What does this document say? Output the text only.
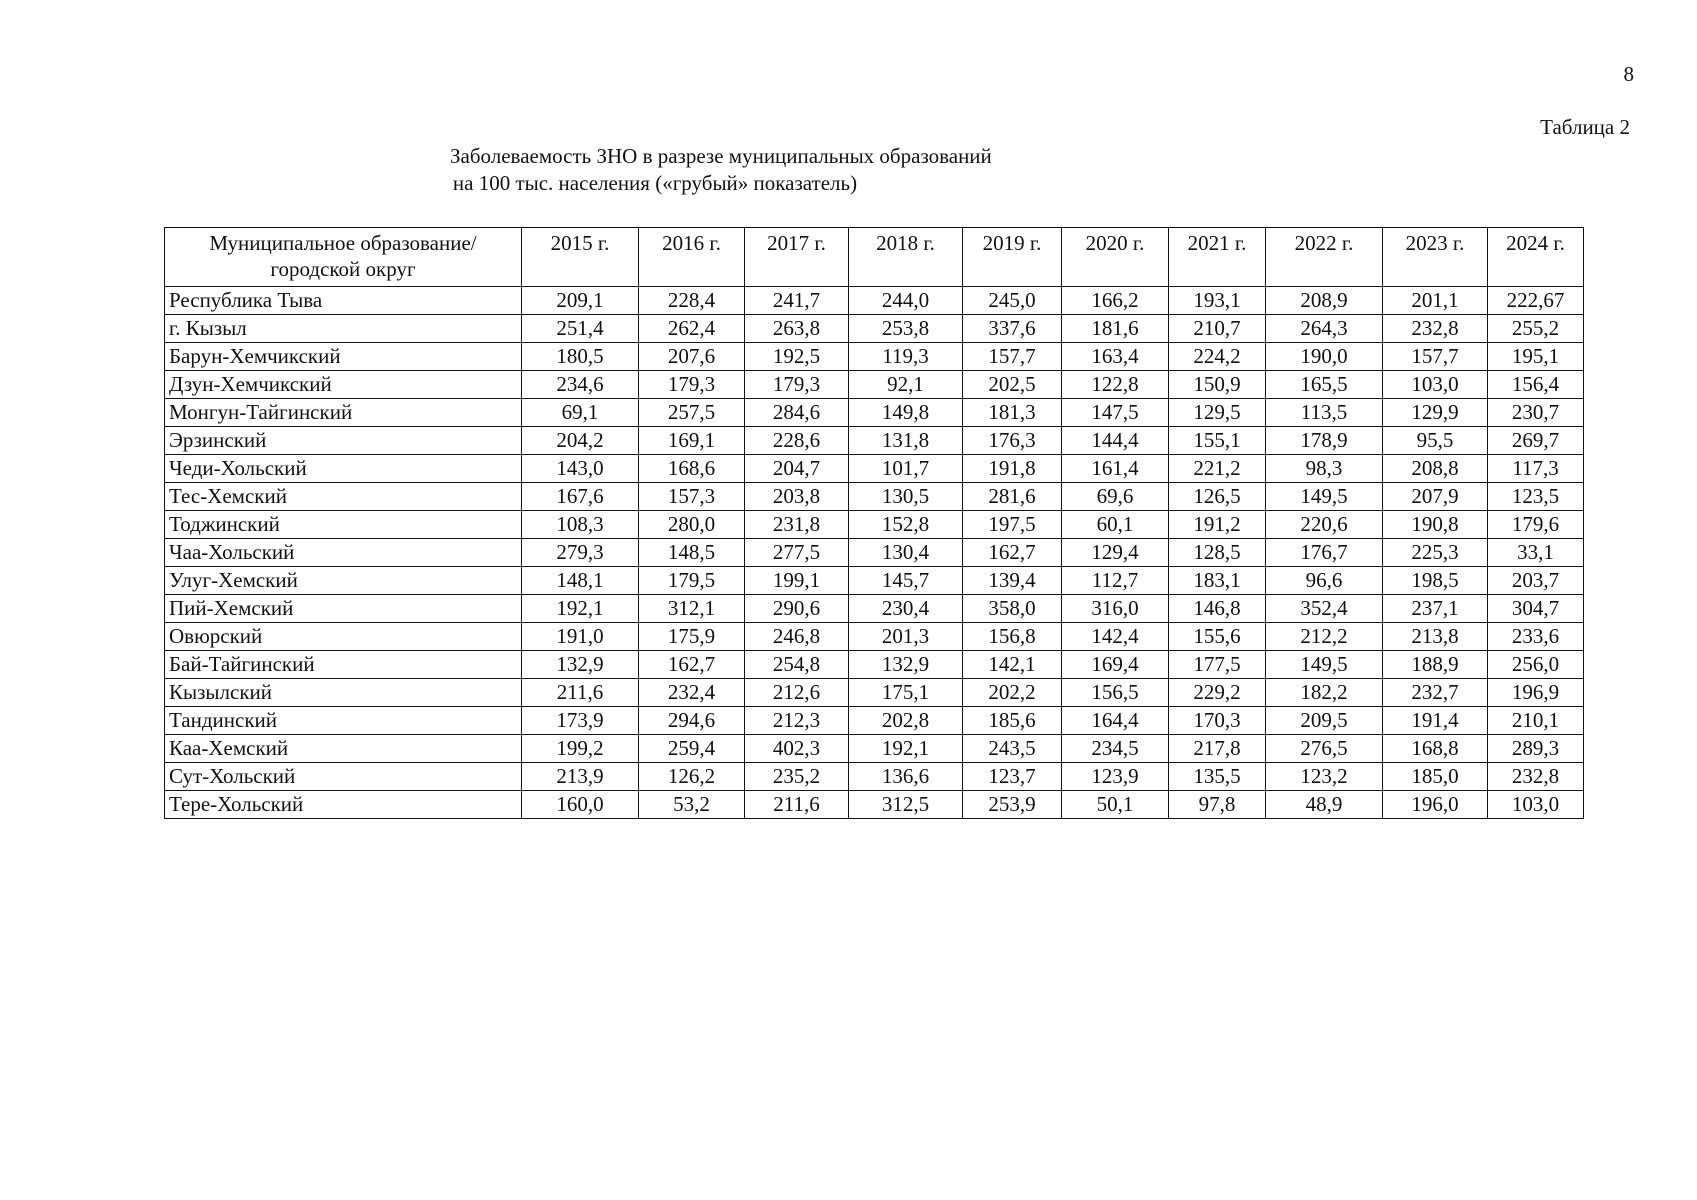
8
Таблица 2
Заболеваемость ЗНО в разрезе муниципальных образований
на 100 тыс. населения («грубый» показатель)
Муниципальное образование/ городской округ	2015 г.	2016 г.	2017 г.	2018 г.	2019 г.	2020 г.	2021 г.	2022 г.	2023 г.	2024 г.
Республика Тыва	209,1	228,4	241,7	244,0	245,0	166,2	193,1	208,9	201,1	222,67
г. Кызыл	251,4	262,4	263,8	253,8	337,6	181,6	210,7	264,3	232,8	255,2
Барун-Хемчикский	180,5	207,6	192,5	119,3	157,7	163,4	224,2	190,0	157,7	195,1
Дзун-Хемчикский	234,6	179,3	179,3	92,1	202,5	122,8	150,9	165,5	103,0	156,4
Монгун-Тайгинский	69,1	257,5	284,6	149,8	181,3	147,5	129,5	113,5	129,9	230,7
Эрзинский	204,2	169,1	228,6	131,8	176,3	144,4	155,1	178,9	95,5	269,7
Чеди-Хольский	143,0	168,6	204,7	101,7	191,8	161,4	221,2	98,3	208,8	117,3
Тес-Хемский	167,6	157,3	203,8	130,5	281,6	69,6	126,5	149,5	207,9	123,5
Тоджинский	108,3	280,0	231,8	152,8	197,5	60,1	191,2	220,6	190,8	179,6
Чаа-Хольский	279,3	148,5	277,5	130,4	162,7	129,4	128,5	176,7	225,3	33,1
Улуг-Хемский	148,1	179,5	199,1	145,7	139,4	112,7	183,1	96,6	198,5	203,7
Пий-Хемский	192,1	312,1	290,6	230,4	358,0	316,0	146,8	352,4	237,1	304,7
Овюрский	191,0	175,9	246,8	201,3	156,8	142,4	155,6	212,2	213,8	233,6
Бай-Тайгинский	132,9	162,7	254,8	132,9	142,1	169,4	177,5	149,5	188,9	256,0
Кызылский	211,6	232,4	212,6	175,1	202,2	156,5	229,2	182,2	232,7	196,9
Тандинский	173,9	294,6	212,3	202,8	185,6	164,4	170,3	209,5	191,4	210,1
Каа-Хемский	199,2	259,4	402,3	192,1	243,5	234,5	217,8	276,5	168,8	289,3
Сут-Хольский	213,9	126,2	235,2	136,6	123,7	123,9	135,5	123,2	185,0	232,8
Тере-Хольский	160,0	53,2	211,6	312,5	253,9	50,1	97,8	48,9	196,0	103,0
